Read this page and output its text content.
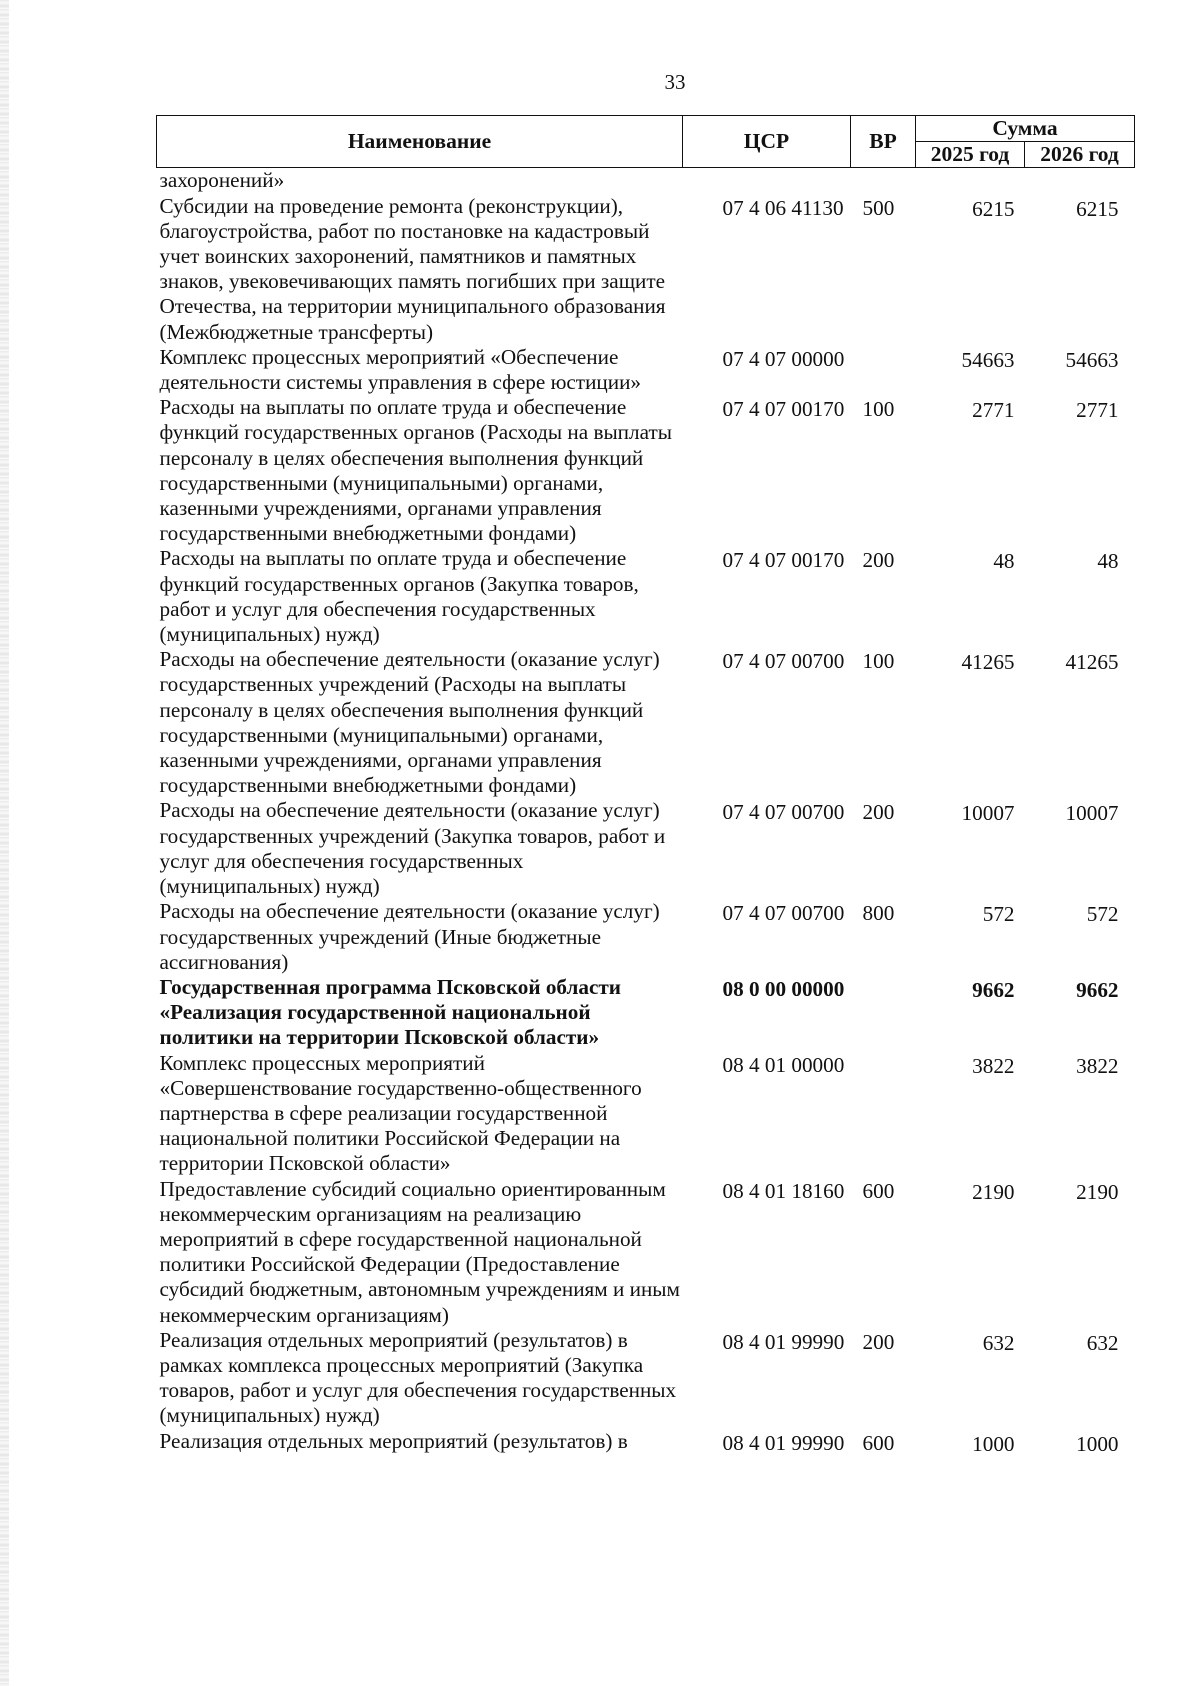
33

Наименование	ЦСР	ВР	Сумма	
			2025 год	2026 год
захоронений»				
Субсидии на проведение ремонта (реконструкции), благоустройства, работ по постановке на кадастровый учет воинских захоронений, памятников и памятных знаков, увековечивающих память погибших при защите Отечества, на территории муниципального образования (Межбюджетные трансферты)	07 4 06 41130	500	6215	6215
Комплекс процессных мероприятий «Обеспечение деятельности системы управления в сфере юстиции»	07 4 07 00000		54663	54663
Расходы на выплаты по оплате труда и обеспечение функций государственных органов (Расходы на выплаты персоналу в целях обеспечения выполнения функций государственными (муниципальными) органами, казенными учреждениями, органами управления государственными внебюджетными фондами)	07 4 07 00170	100	2771	2771
Расходы на выплаты по оплате труда и обеспечение функций государственных органов (Закупка товаров, работ и услуг для обеспечения государственных (муниципальных) нужд)	07 4 07 00170	200	48	48
Расходы на обеспечение деятельности (оказание услуг) государственных учреждений (Расходы на выплаты персоналу в целях обеспечения выполнения функций государственными (муниципальными) органами, казенными учреждениями, органами управления государственными внебюджетными фондами)	07 4 07 00700	100	41265	41265
Расходы на обеспечение деятельности (оказание услуг) государственных учреждений (Закупка товаров, работ и услуг для обеспечения государственных (муниципальных) нужд)	07 4 07 00700	200	10007	10007
Расходы на обеспечение деятельности (оказание услуг) государственных учреждений (Иные бюджетные ассигнования)	07 4 07 00700	800	572	572
Государственная программа Псковской области «Реализация государственной национальной политики на территории Псковской области»	08 0 00 00000		9662	9662
Комплекс процессных мероприятий «Совершенствование государственно-общественного партнерства в сфере реализации государственной национальной политики Российской Федерации на территории Псковской области»	08 4 01 00000		3822	3822
Предоставление субсидий социально ориентированным некоммерческим организациям на реализацию мероприятий в сфере государственной национальной политики Российской Федерации (Предоставление субсидий бюджетным, автономным учреждениям и иным некоммерческим организациям)	08 4 01 18160	600	2190	2190
Реализация отдельных мероприятий (результатов) в рамках комплекса процессных мероприятий (Закупка товаров, работ и услуг для обеспечения государственных (муниципальных) нужд)	08 4 01 99990	200	632	632
Реализация отдельных мероприятий (результатов) в	08 4 01 99990	600	1000	1000
